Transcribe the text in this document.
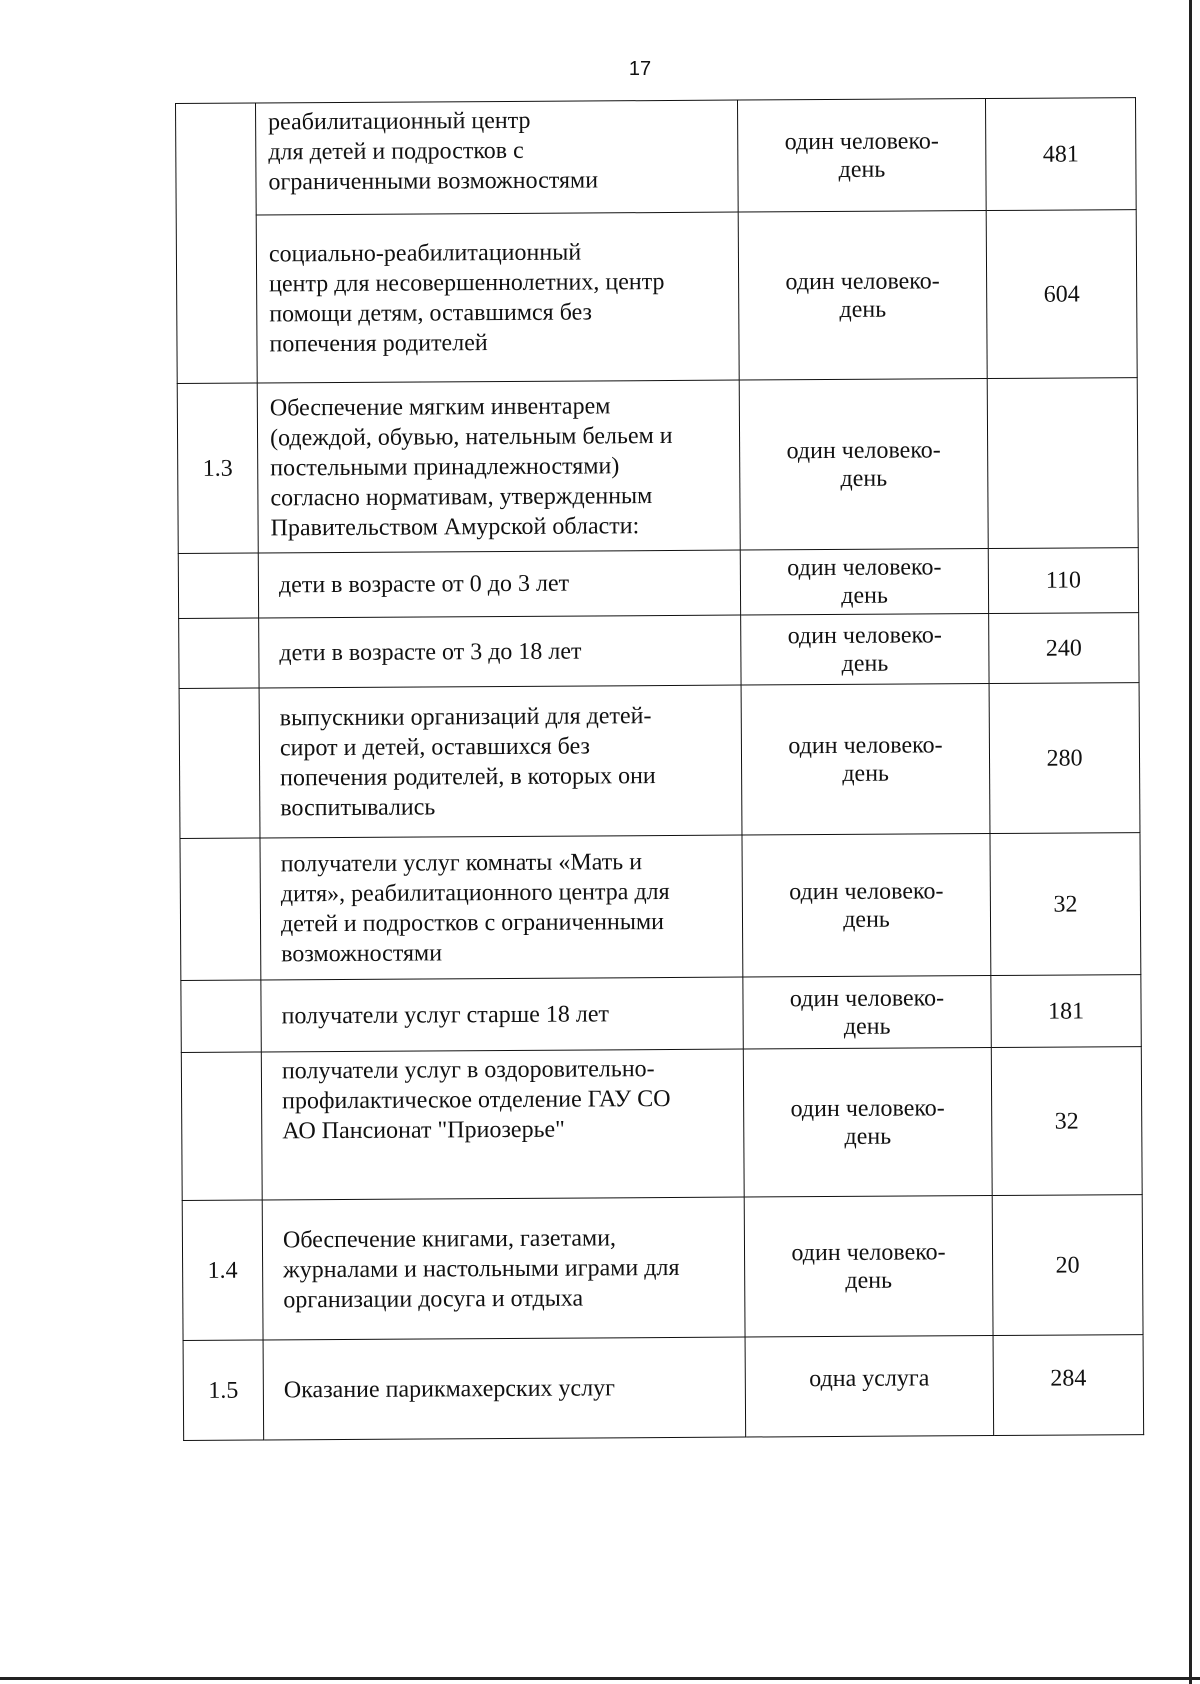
17
	реабилитационный центр
для детей и подростков с
ограниченными возможностями	один человеко-
день	481
	социально-реабилитационный
центр для несовершеннолетних, центр
помощи детям, оставшимся без
попечения родителей	один человеко-
день	604
1.3	Обеспечение мягким инвентарем
(одеждой, обувью, нательным бельем и
постельными принадлежностями)
согласно нормативам, утвержденным
Правительством Амурской области:	один человеко-
день	
	дети в возрасте от 0 до 3 лет	один человеко-
день	110
	дети в возрасте от 3 до 18 лет	один человеко-
день	240
	выпускники организаций для детей-
сирот и детей, оставшихся без
попечения родителей, в которых они
воспитывались	один человеко-
день	280
	получатели услуг комнаты «Мать и
дитя», реабилитационного центра для
детей и подростков с ограниченными
возможностями	один человеко-
день	32
	получатели услуг старше 18 лет	один человеко-
день	181
	получатели услуг в оздоровительно-
профилактическое отделение ГАУ СО
АО Пансионат "Приозерье"	один человеко-
день	32
1.4	Обеспечение книгами, газетами,
журналами и настольными играми для
организации досуга и отдыха	один человеко-
день	20
1.5	Оказание парикмахерских услуг	одна услуга	284
